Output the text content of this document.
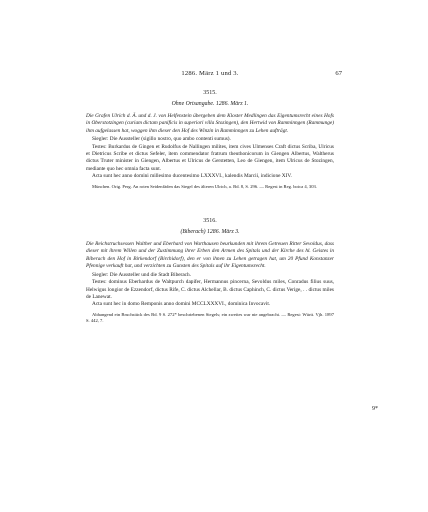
1286. März 1 und 3.	67
3515.
Ohne Ortsangabe. 1286. März 1.

Die Grafen Ulrich d. Ä. und d. J. von Helfenstein übergeben dem Kloster Medlingen das Eigentumsrecht eines Hofs in Oberstotzingen (curiam dictam panificis in superiori villa Stozingen), den Hertwid von Ramminngen (Rammunge) ihm aufgelassen hat, woggen ihm dieser den Hof des Winzin in Ramminngen zu Lehen aufträgt.

Siegler: Die Aussteller (sigillo nostro, quo ambo contenti sumus).

Testes: Burkardus de Gingen et Rudolfus de Nallingen milites, item cives Ulmenses Craft dictus Scriba, Ulricus et Dietricus Scribe et dictus Sefeler, item commendator fratrum theuthonicorum in Giengen Albertus, Waltherus dictus Truter minister in Giengen, Albertus et Ulricus de Gerstetten, Leo de Giengen, item Ulricus de Stozingen, mediante quo hec omnia facta sunt.

Acta sunt hec anno domini millesimo ducentesimo LXXXVI., kalendis Marcii, indicione XIV.

München. Orig. Perg. An roten Seidenfäden das Siegel des älteren Ulrich, a. Bd. 8, S. 296. — Regest in Reg. boica 4, 303.

3516.
(Biberach) 1286. März 3.

Die Reichstruchsessen Walther und Eberhard von Warthausen beurkunden mit ihrem Getreuen Ritter Sevoldus, dass dieser mit ihrem Willen und der Zustimmung ihrer Erben den Armen des Spitals und der Kirche des hl. Geistes in Biberach den Hof in Birkendorf (Birchidorf), den er von ihnen zu Lehen getragen hat, um 20 Pfund Konstanzer Pfennige verkauft hat, und verzichten zu Gunsten des Spitals auf ihr Eigentumsrecht.

Siegler: Die Aussteller und die Stadt Biberach.

Testes: dominus Eberhardus de Waltpurch dapifer, Hermannus pincerna, Sevoldus miles, Conradus filius suus, Helwigus longior de Ezzendorf, dictus Rife, C. dictus Alchellar, B. dictus Caphinch, C. dictus Verige, . . dictus miles de Lanewat.

Acta sunt hec in domo Remponis anno domini MCCLXXXVI., dominica Invocavit.

Abhangend ein Bruchstück des Bd. 9 S. 272* beschriebenen Siegels; ein zweites war nie angebracht. — Regest: Württ. Vjh. 1897 S. 442, 7.

9*
